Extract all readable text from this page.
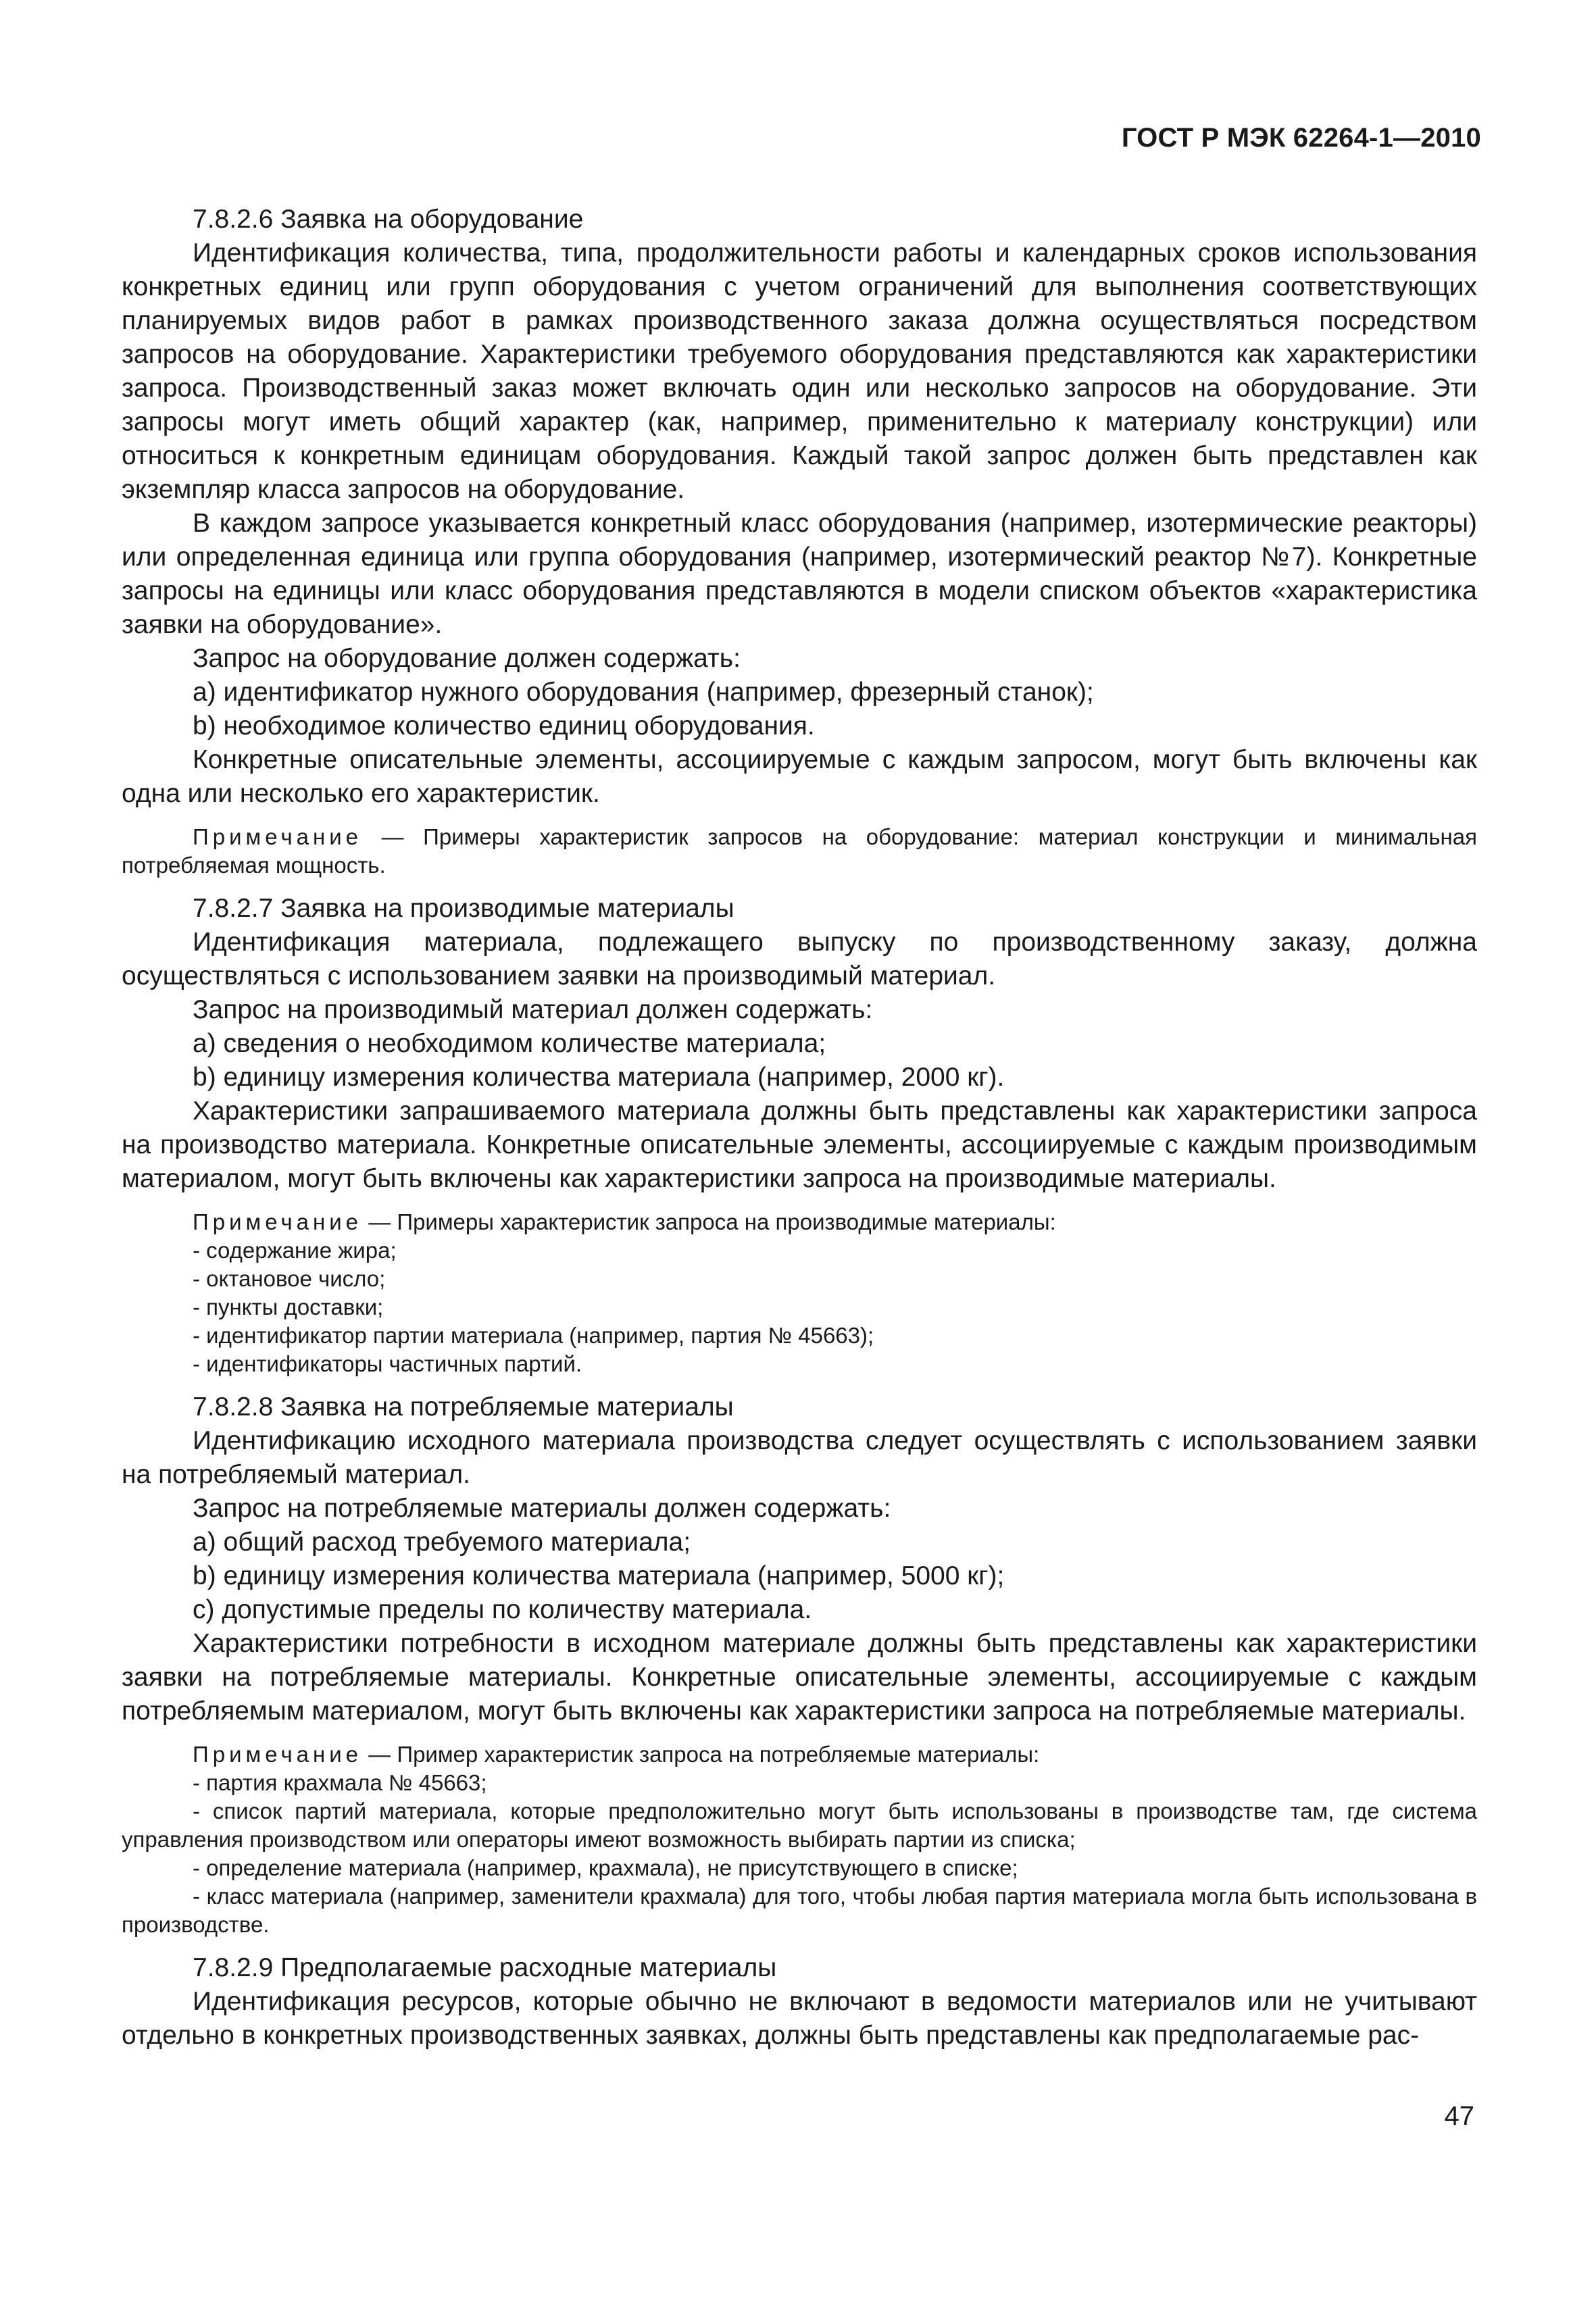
ГОСТ Р МЭК 62264-1—2010

7.8.2.6 Заявка на оборудование

Идентификация количества, типа, продолжительности работы и календарных сроков использования конкретных единиц или групп оборудования с учетом ограничений для выполнения соответствующих планируемых видов работ в рамках производственного заказа должна осуществляться посредством запросов на оборудование. Характеристики требуемого оборудования представляются как характеристики запроса. Производственный заказ может включать один или несколько запросов на оборудование. Эти запросы могут иметь общий характер (как, например, применительно к материалу конструкции) или относиться к конкретным единицам оборудования. Каждый такой запрос должен быть представлен как экземпляр класса запросов на оборудование.

В каждом запросе указывается конкретный класс оборудования (например, изотермические реакторы) или определенная единица или группа оборудования (например, изотермический реактор №7). Конкретные запросы на единицы или класс оборудования представляются в модели списком объектов «характеристика заявки на оборудование».

Запрос на оборудование должен содержать:

а) идентификатор нужного оборудования (например, фрезерный станок);

b) необходимое количество единиц оборудования.

Конкретные описательные элементы, ассоциируемые с каждым запросом, могут быть включены как одна или несколько его характеристик.

Примечание — Примеры характеристик запросов на оборудование: материал конструкции и минимальная потребляемая мощность.

7.8.2.7 Заявка на производимые материалы

Идентификация материала, подлежащего выпуску по производственному заказу, должна осуществляться с использованием заявки на производимый материал.

Запрос на производимый материал должен содержать:

а) сведения о необходимом количестве материала;

b) единицу измерения количества материала (например, 2000 кг).

Характеристики запрашиваемого материала должны быть представлены как характеристики запроса на производство материала. Конкретные описательные элементы, ассоциируемые с каждым производимым материалом, могут быть включены как характеристики запроса на производимые материалы.

Примечание — Примеры характеристик запроса на производимые материалы:

- содержание жира;

- октановое число;

- пункты доставки;

- идентификатор партии материала (например, партия № 45663);

- идентификаторы частичных партий.

7.8.2.8 Заявка на потребляемые материалы

Идентификацию исходного материала производства следует осуществлять с использованием заявки на потребляемый материал.

Запрос на потребляемые материалы должен содержать:

а) общий расход требуемого материала;

b) единицу измерения количества материала (например, 5000 кг);

c) допустимые пределы по количеству материала.

Характеристики потребности в исходном материале должны быть представлены как характеристики заявки на потребляемые материалы. Конкретные описательные элементы, ассоциируемые с каждым потребляемым материалом, могут быть включены как характеристики запроса на потребляемые материалы.

Примечание — Пример характеристик запроса на потребляемые материалы:

- партия крахмала № 45663;

- список партий материала, которые предположительно могут быть использованы в производстве там, где система управления производством или операторы имеют возможность выбирать партии из списка;

- определение материала (например, крахмала), не присутствующего в списке;

- класс материала (например, заменители крахмала) для того, чтобы любая партия материала могла быть использована в производстве.

7.8.2.9 Предполагаемые расходные материалы

Идентификация ресурсов, которые обычно не включают в ведомости материалов или не учитывают отдельно в конкретных производственных заявках, должны быть представлены как предполагаемые рас-

47
